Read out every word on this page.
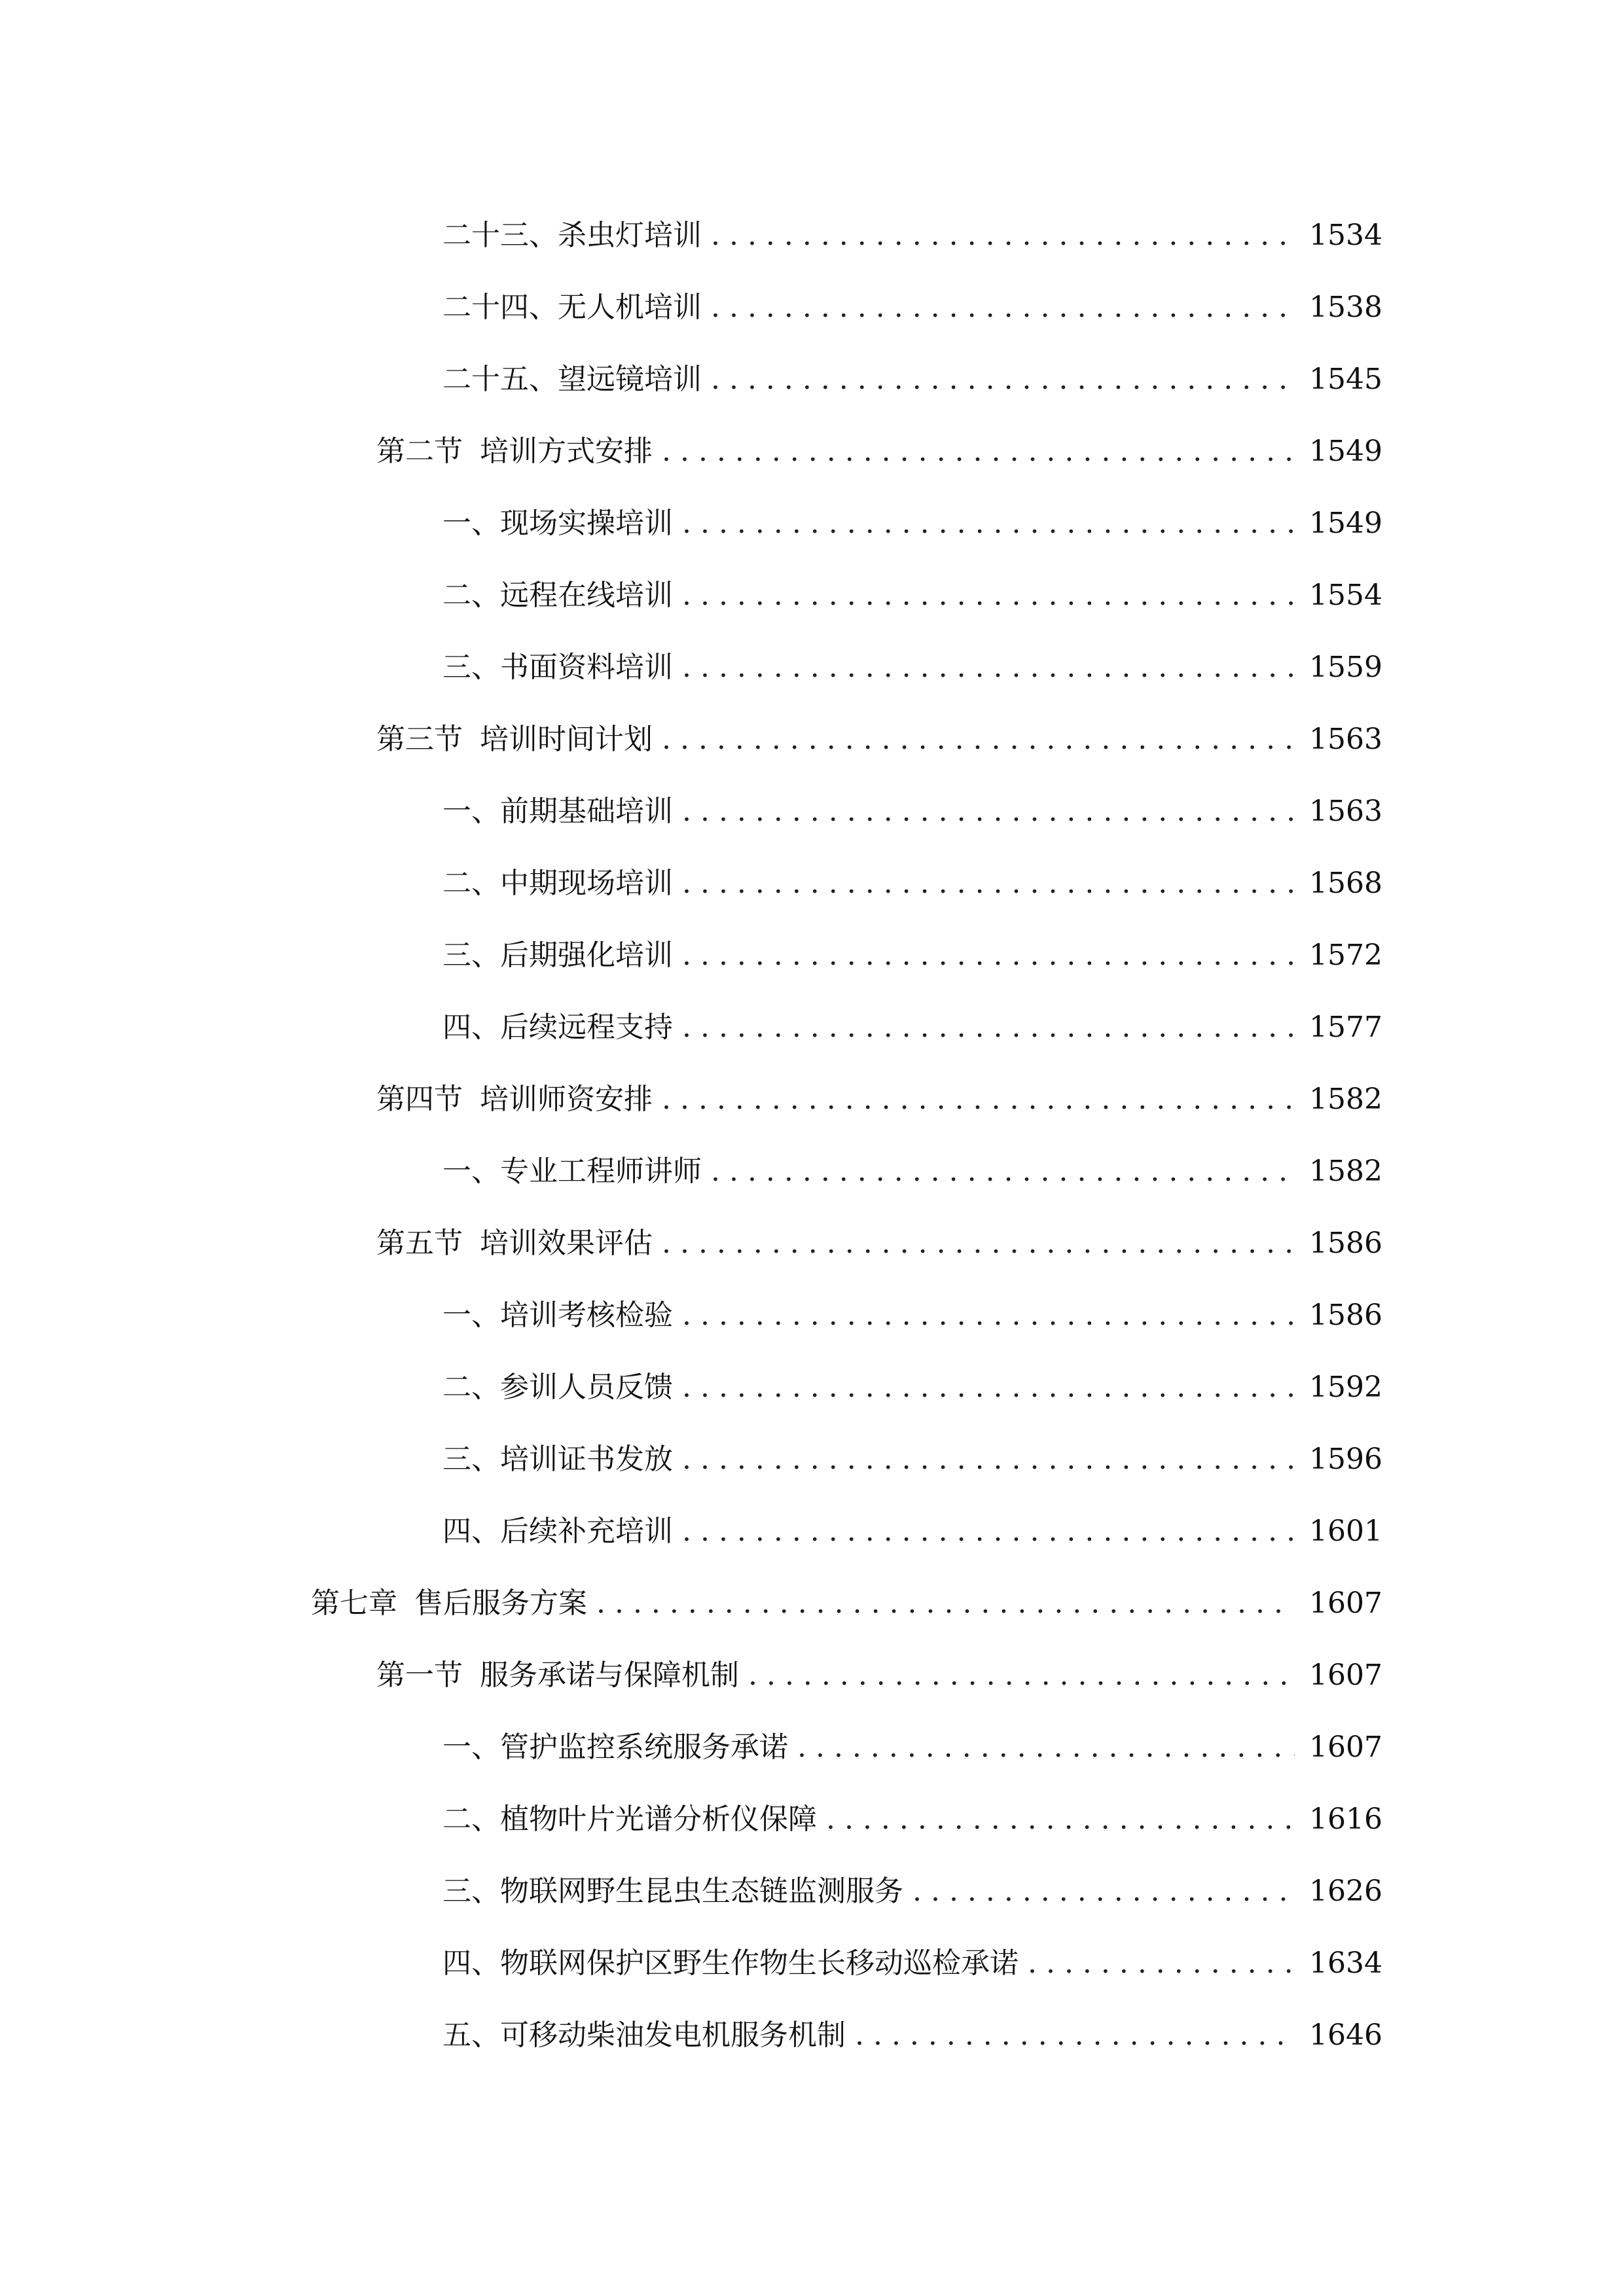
二十三、 杀虫灯培训 . . .	1534
二十四、 无人机培训 . . .	1538
二十五、 望远镜培训 . . .	1545
第二节 培训方式安排 . . .	1549
一、 现场实操培训 . . .	1549
二、 远程在线培训 . . .	1554
三、 书面资料培训 . . .	1559
第三节 培训时间计划 . . .	1563
一、 前期基础培训 . . .	1563
二、 中期现场培训 . . .	1568
三、 后期强化培训 . . .	1572
四、 后续远程支持 . . .	1577
第四节 培训师资安排 . . .	1582
一、 专业工程师讲师 . . .	1582
第五节 培训效果评估 . . .	1586
一、 培训考核检验 . . .	1586
二、 参训人员反馈 . . .	1592
三、 培训证书发放 . . .	1596
四、 后续补充培训 . . .	1601
第七章 售后服务方案 . . .	1607
第一节 服务承诺与保障机制 . . .	1607
一、 管护监控系统服务承诺 . . .	1607
二、 植物叶片光谱分析仪保障 . . .	1616
三、 物联网野生昆虫生态链监测服务 . . .	1626
四、 物联网保护区野生作物生长移动巡检承诺 . . .	1634
五、 可移动柴油发电机服务机制 . . .	1646
